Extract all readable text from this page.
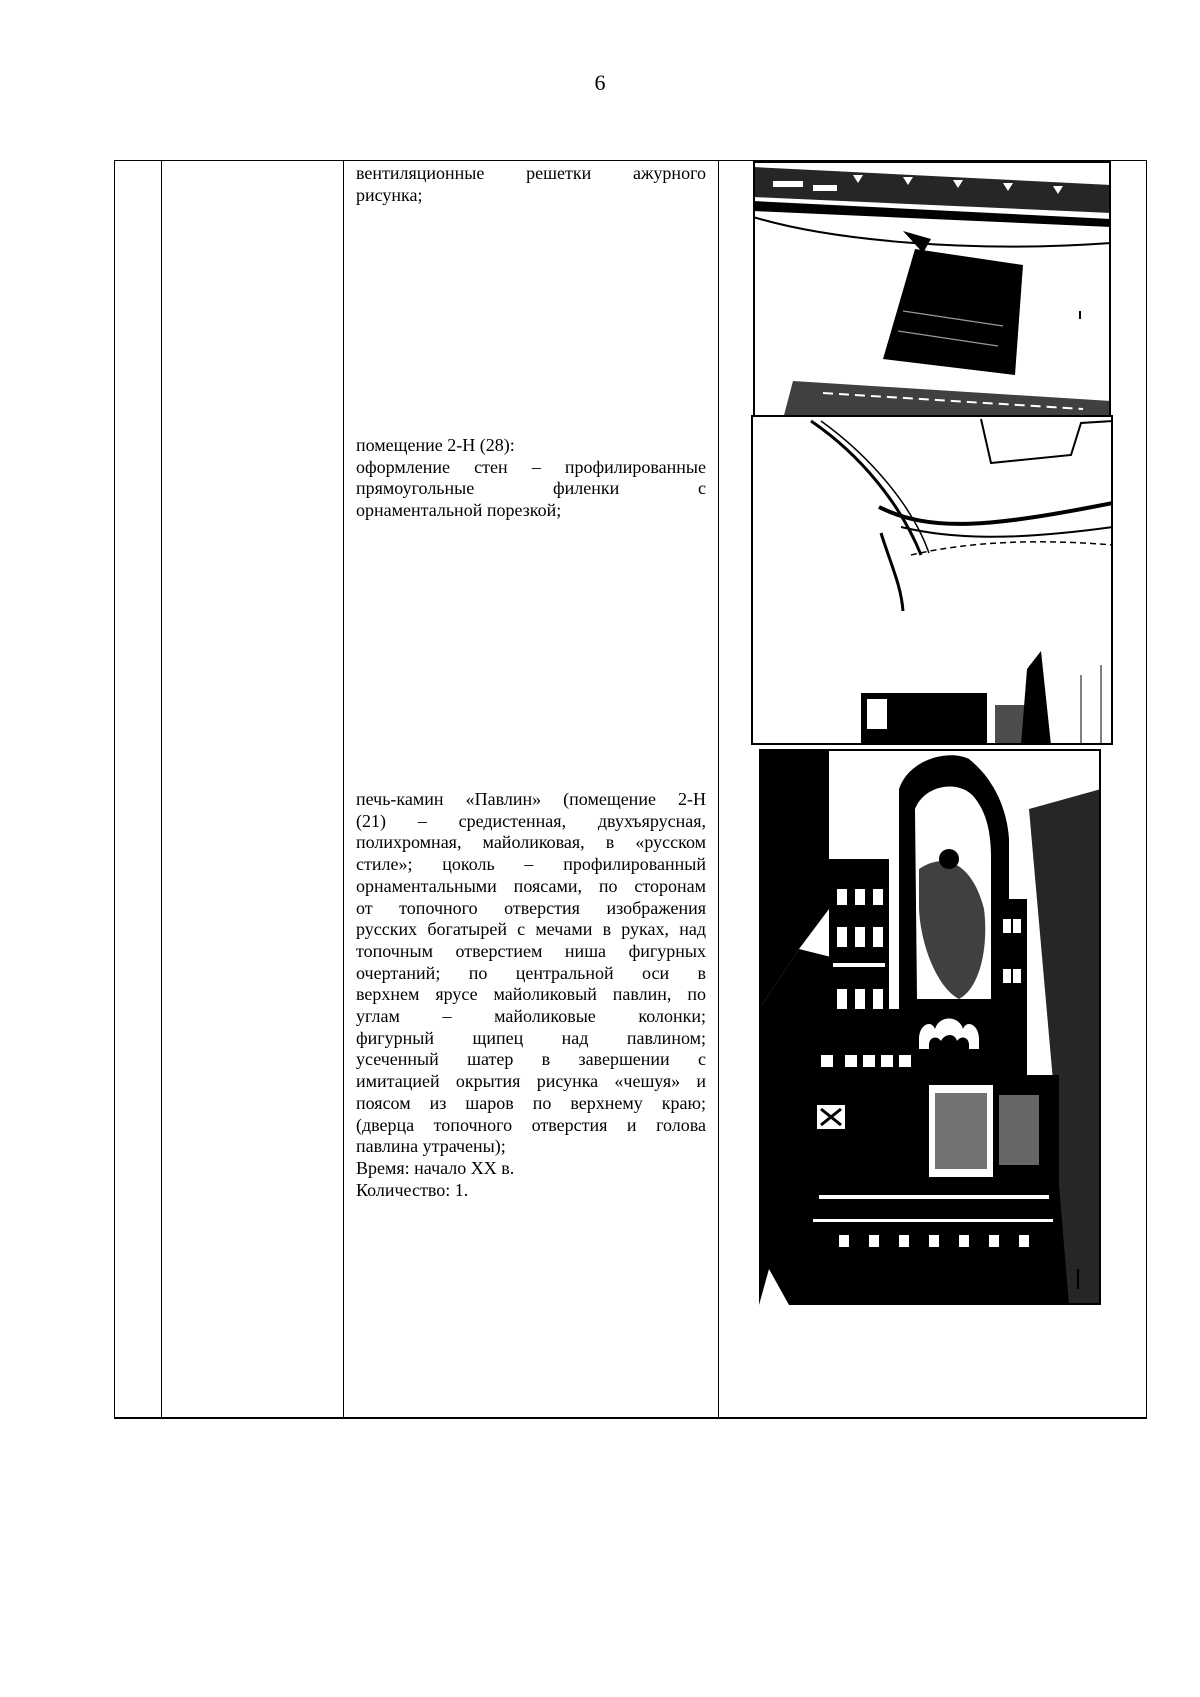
6

вентиляционные решетки ажурного
рисунка;
помещение 2-Н (28):
оформление стен – профилированные
прямоугольные филенки с
орнаментальной порезкой;
печь-камин «Павлин» (помещение 2-Н
(21) – средистенная, двухъярусная,
полихромная, майоликовая, в «русском
стиле»; цоколь – профилированный
орнаментальными поясами, по сторонам
от топочного отверстия изображения
русских богатырей с мечами в руках, над
топочным отверстием ниша фигурных
очертаний; по центральной оси в
верхнем ярусе майоликовый павлин, по
углам – майоликовые колонки;
фигурный щипец над павлином;
усеченный шатер в завершении с
имитацией окрытия рисунка «чешуя» и
поясом из шаров по верхнему краю;
(дверца топочного отверстия и голова
павлина утрачены);
Время: начало XX в.
Количество: 1.
